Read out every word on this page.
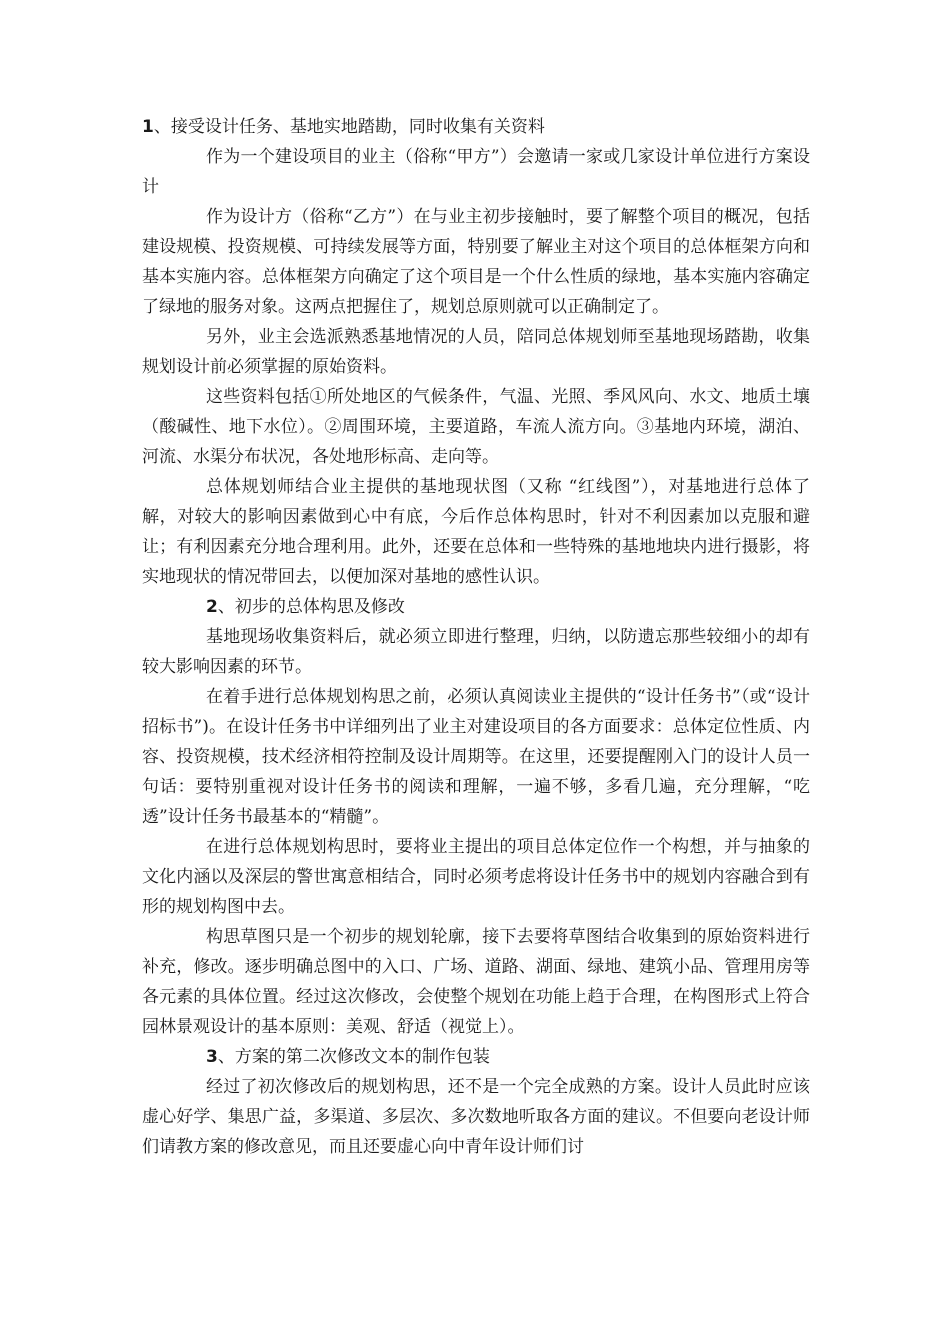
1、接受设计任务、基地实地踏勘，同时收集有关资料

作为一个建设项目的业主（俗称“甲方”）会邀请一家或几家设计单位进行方案设计

作为设计方（俗称“乙方”）在与业主初步接触时，要了解整个项目的概况，包括建设规模、投资规模、可持续发展等方面，特别要了解业主对这个项目的总体框架方向和基本实施内容。总体框架方向确定了这个项目是一个什么性质的绿地，基本实施内容确定了绿地的服务对象。这两点把握住了，规划总原则就可以正确制定了。

另外，业主会选派熟悉基地情况的人员，陪同总体规划师至基地现场踏勘，收集规划设计前必须掌握的原始资料。

这些资料包括①所处地区的气候条件，气温、光照、季风风向、水文、地质土壤（酸碱性、地下水位）。②周围环境，主要道路，车流人流方向。③基地内环境，湖泊、河流、水渠分布状况，各处地形标高、走向等。

总体规划师结合业主提供的基地现状图（又称 “红线图”），对基地进行总体了解，对较大的影响因素做到心中有底，今后作总体构思时，针对不利因素加以克服和避让；有利因素充分地合理利用。此外，还要在总体和一些特殊的基地地块内进行摄影，将实地现状的情况带回去，以便加深对基地的感性认识。

2、初步的总体构思及修改

基地现场收集资料后，就必须立即进行整理，归纳，以防遗忘那些较细小的却有较大影响因素的环节。

在着手进行总体规划构思之前，必须认真阅读业主提供的“设计任务书”（或“设计招标书”)。在设计任务书中详细列出了业主对建设项目的各方面要求：总体定位性质、内容、投资规模，技术经济相符控制及设计周期等。在这里，还要提醒刚入门的设计人员一句话：要特别重视对设计任务书的阅读和理解，一遍不够，多看几遍，充分理解，“吃透”设计任务书最基本的“精髓”。

在进行总体规划构思时，要将业主提出的项目总体定位作一个构想，并与抽象的文化内涵以及深层的警世寓意相结合，同时必须考虑将设计任务书中的规划内容融合到有形的规划构图中去。

构思草图只是一个初步的规划轮廓，接下去要将草图结合收集到的原始资料进行补充，修改。逐步明确总图中的入口、广场、道路、湖面、绿地、建筑小品、管理用房等各元素的具体位置。经过这次修改，会使整个规划在功能上趋于合理，在构图形式上符合园林景观设计的基本原则：美观、舒适（视觉上）。

3、方案的第二次修改文本的制作包装

经过了初次修改后的规划构思，还不是一个完全成熟的方案。设计人员此时应该虚心好学、集思广益，多渠道、多层次、多次数地听取各方面的建议。不但要向老设计师们请教方案的修改意见，而且还要虚心向中青年设计师们讨
